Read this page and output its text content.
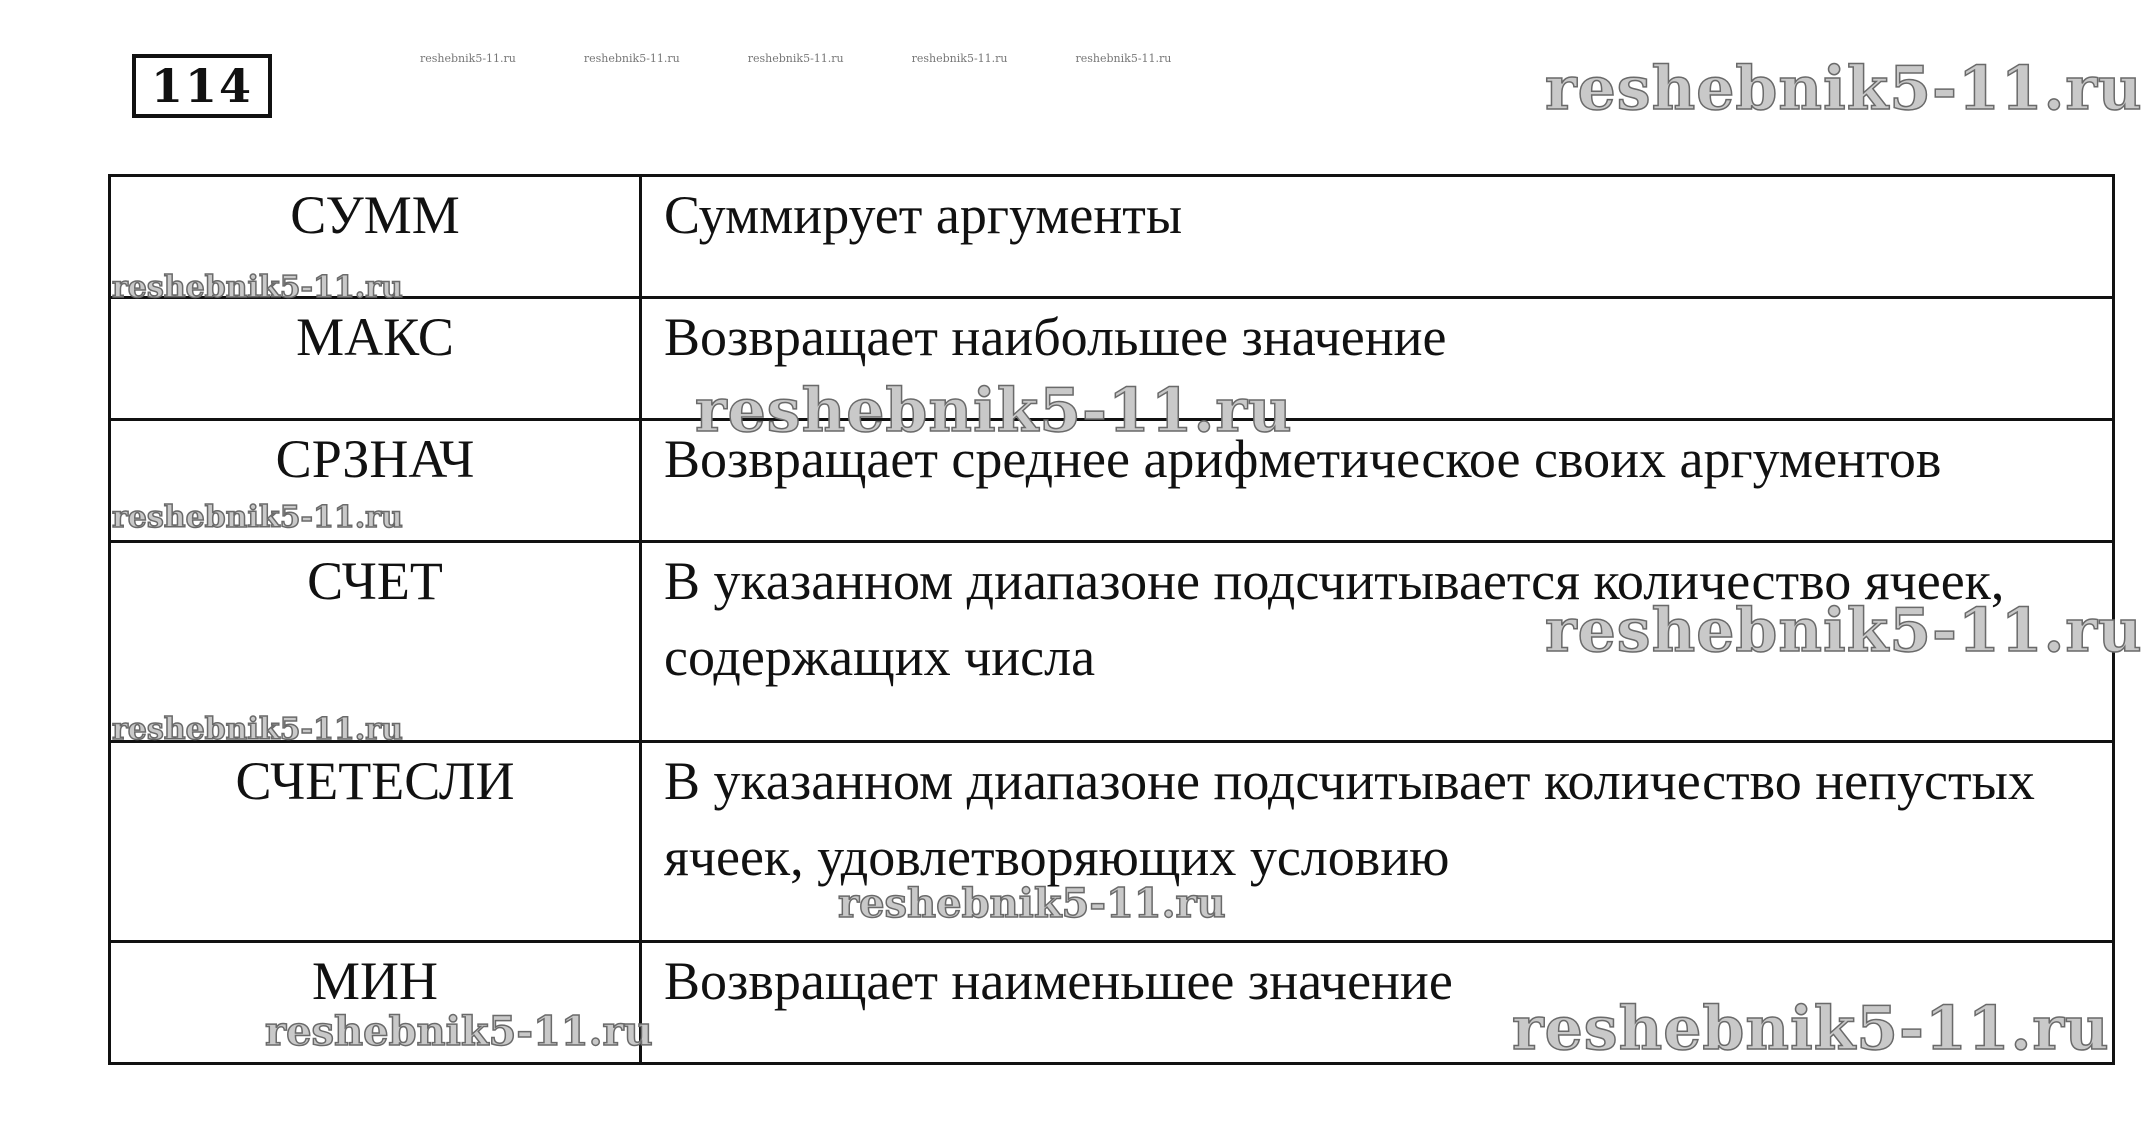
114
reshebnik5-11.ru	reshebnik5-11.ru	reshebnik5-11.ru	reshebnik5-11.ru	reshebnik5-11.ru
СУММ	Суммирует аргументы
МАКС	Возвращает наибольшее значение
СРЗНАЧ	Возвращает среднее арифметическое своих аргументов
СЧЕТ	В указанном диапазоне подсчитывается количество ячеек, содержащих числа
СЧЕТЕСЛИ	В указанном диапазоне подсчитывает количество непустых ячеек, удовлетворяющих условию
МИН	Возвращает наименьшее значение
reshebnik5-11.ru
reshebnik5-11.ru
reshebnik5-11.ru
reshebnik5-11.ru
reshebnik5-11.ru
reshebnik5-11.ru
reshebnik5-11.ru
reshebnik5-11.ru	reshebnik5-11.ru
